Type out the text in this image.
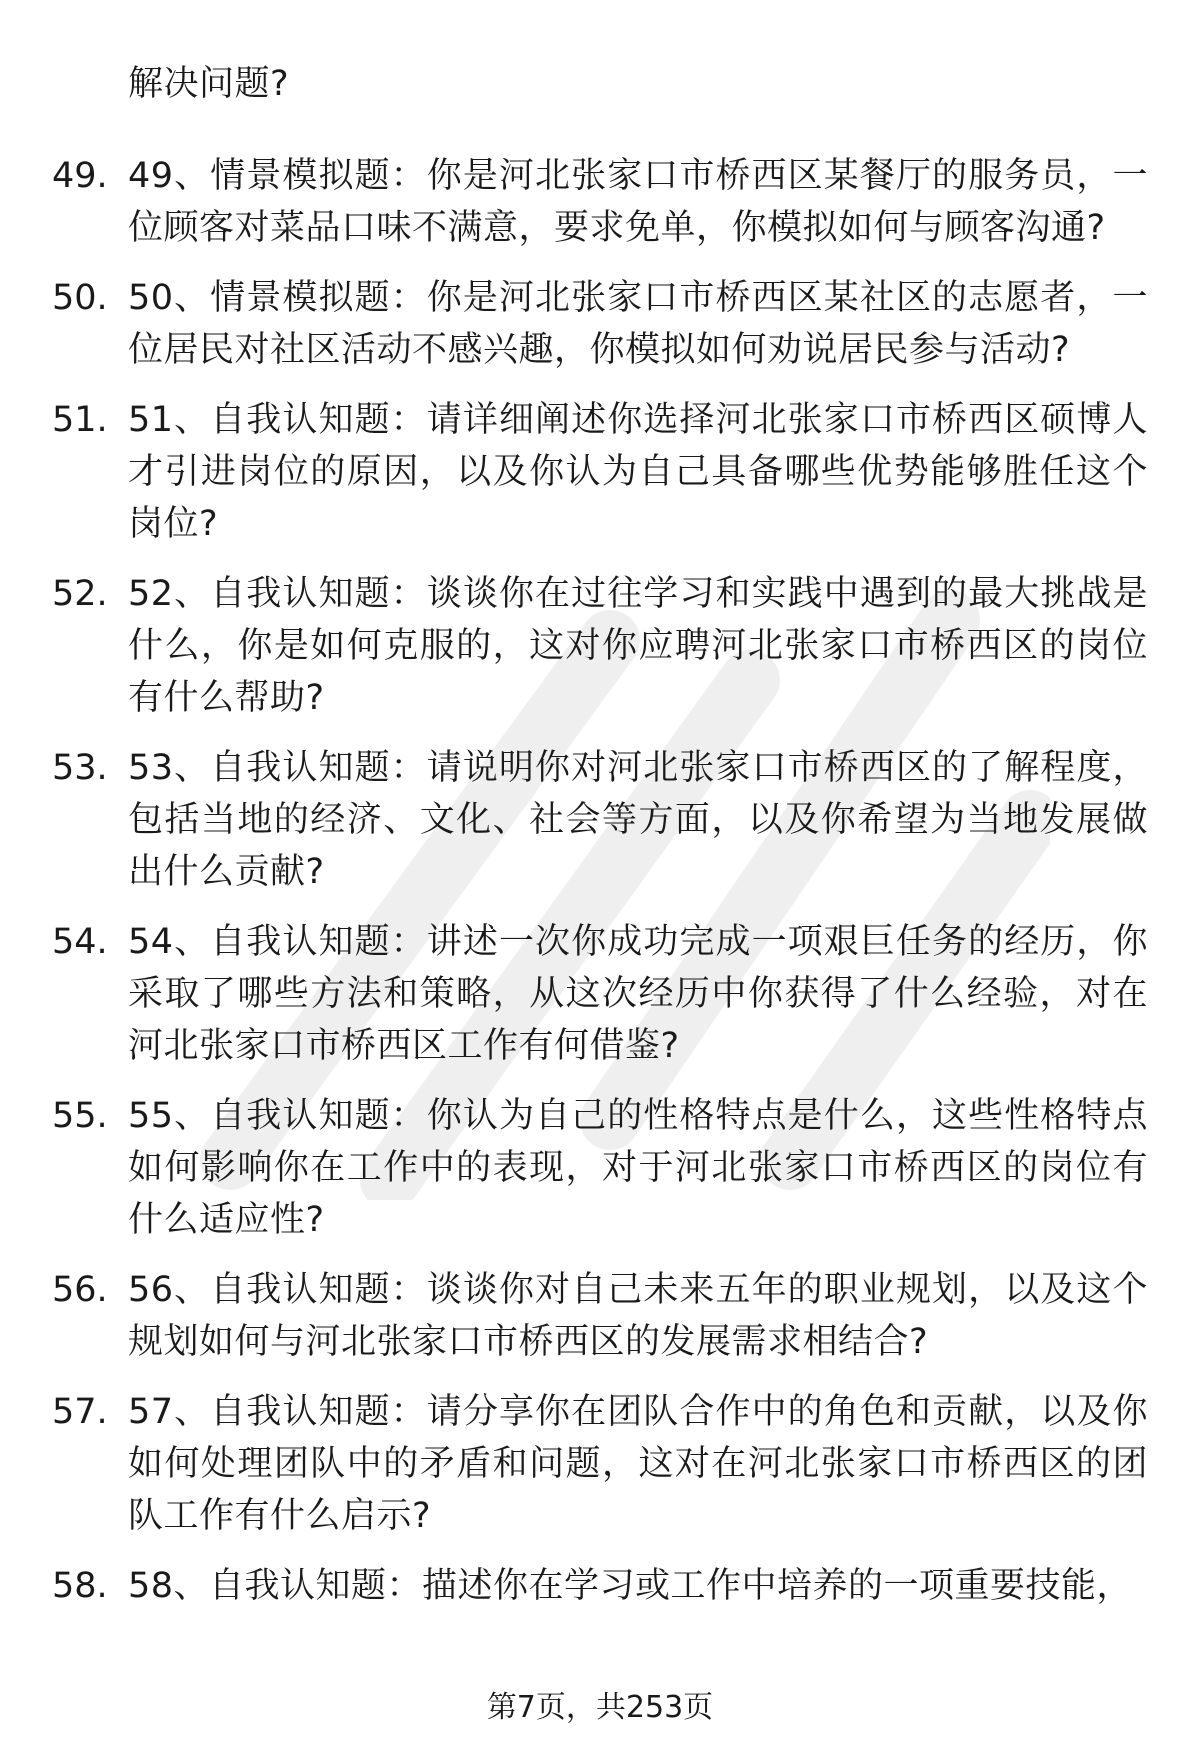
解决问题?
49. 49、情景模拟题：你是河北张家口市桥西区某餐厅的服务员，一位顾客对菜品口味不满意，要求免单，你模拟如何与顾客沟通?
50. 50、情景模拟题：你是河北张家口市桥西区某社区的志愿者，一位居民对社区活动不感兴趣，你模拟如何劝说居民参与活动?
51. 51、自我认知题：请详细阐述你选择河北张家口市桥西区硕博人才引进岗位的原因，以及你认为自己具备哪些优势能够胜任这个岗位?
52. 52、自我认知题：谈谈你在过往学习和实践中遇到的最大挑战是什么，你是如何克服的，这对你应聘河北张家口市桥西区的岗位有什么帮助?
53. 53、自我认知题：请说明你对河北张家口市桥西区的了解程度，包括当地的经济、文化、社会等方面，以及你希望为当地发展做出什么贡献?
54. 54、自我认知题：讲述一次你成功完成一项艰巨任务的经历，你采取了哪些方法和策略，从这次经历中你获得了什么经验，对在河北张家口市桥西区工作有何借鉴?
55. 55、自我认知题：你认为自己的性格特点是什么，这些性格特点如何影响你在工作中的表现，对于河北张家口市桥西区的岗位有什么适应性?
56. 56、自我认知题：谈谈你对自己未来五年的职业规划，以及这个规划如何与河北张家口市桥西区的发展需求相结合?
57. 57、自我认知题：请分享你在团队合作中的角色和贡献，以及你如何处理团队中的矛盾和问题，这对在河北张家口市桥西区的团队工作有什么启示?
58. 58、自我认知题：描述你在学习或工作中培养的一项重要技能，
第7页，共253页
